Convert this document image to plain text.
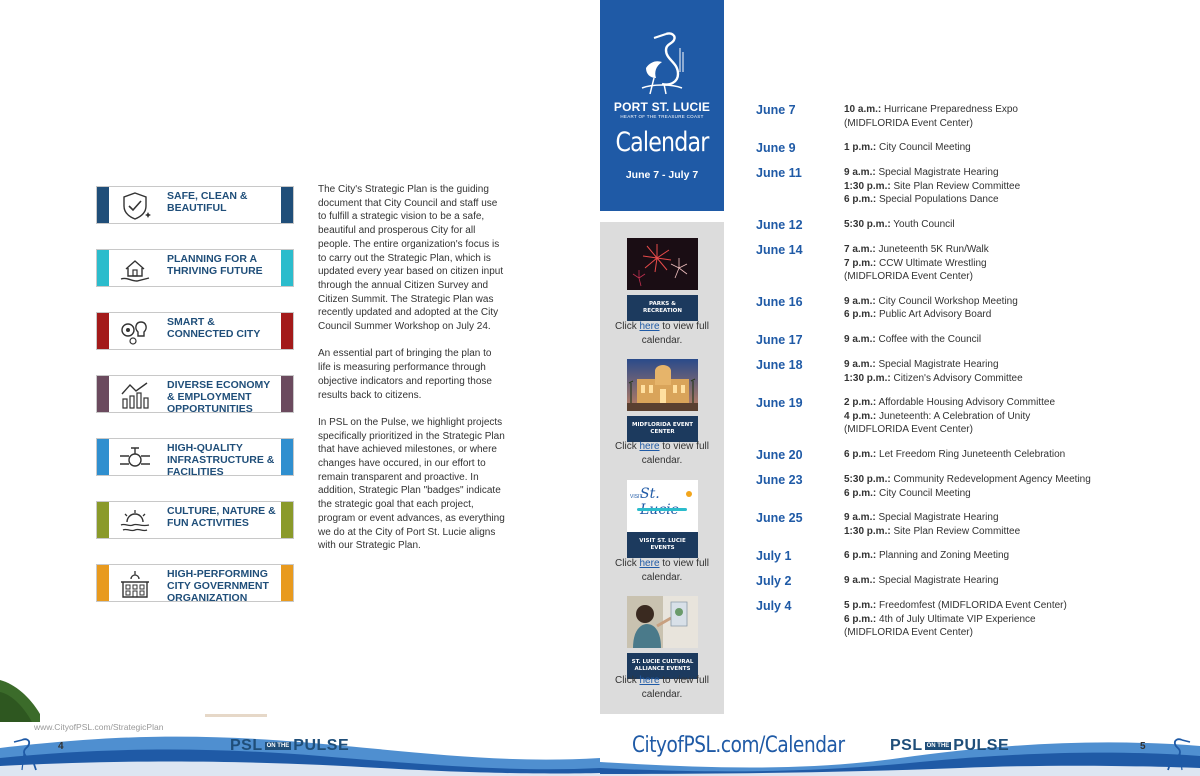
SAFE, CLEAN & BEAUTIFUL
PLANNING FOR A THRIVING FUTURE
SMART & CONNECTED CITY
DIVERSE ECONOMY & EMPLOYMENT OPPORTUNITIES
HIGH-QUALITY INFRASTRUCTURE & FACILITIES
CULTURE, NATURE & FUN ACTIVITIES
HIGH-PERFORMING CITY GOVERNMENT ORGANIZATION

The City's Strategic Plan is the guiding document that City Council and staff use to fulfill a strategic vision to be a safe, beautiful and prosperous City for all people. The entire organization's focus is to carry out the Strategic Plan, which is updated every year based on citizen input through the annual Citizen Survey and Citizen Summit. The Strategic Plan was recently updated and adopted at the City Council Summer Workshop on July 24.

An essential part of bringing the plan to life is measuring performance through objective indicators and reporting those results back to citizens.

In PSL on the Pulse, we highlight projects specifically prioritized in the Strategic Plan that have achieved milestones, or where changes have occured, in our effort to remain transparent and proactive. In addition, Strategic Plan "badges" indicate the strategic goal that each project, program or event advances, as everything we do at the City of Port St. Lucie aligns with our Strategic Plan.

www.CityofPSL.com/StrategicPlan
4	PSL ON THE PULSE
PORT ST. LUCIE
HEART OF THE TREASURE COAST
Calendar
June 7 - July 7
PARKS & RECREATION
Click here to view full calendar.
MIDFLORIDA EVENT CENTER
Click here to view full calendar.
VISIT
St.
VISIT ST. LUCIE EVENTS
Click here to view full calendar.
ST. LUCIE CULTURAL ALLIANCE EVENTS
Click here to view full calendar.
June 7	10 a.m.: Hurricane Preparedness Expo
(MIDFLORIDA Event Center)
June 9	1 p.m.: City Council Meeting
June 11	9 a.m.: Special Magistrate Hearing
1:30 p.m.: Site Plan Review Committee
6 p.m.: Special Populations Dance
June 12	5:30 p.m.: Youth Council
June 14	7 a.m.: Juneteenth 5K Run/Walk
7 p.m.: CCW Ultimate Wrestling
(MIDFLORIDA Event Center)
June 16	9 a.m.: City Council Workshop Meeting
6 p.m.: Public Art Advisory Board
June 17	9 a.m.: Coffee with the Council
June 18	9 a.m.: Special Magistrate Hearing
1:30 p.m.: Citizen's Advisory Committee
June 19	2 p.m.: Affordable Housing Advisory Committee
4 p.m.: Juneteenth: A Celebration of Unity
(MIDFLORIDA Event Center)
June 20	6 p.m.: Let Freedom Ring Juneteenth Celebration
June 23	5:30 p.m.: Community Redevelopment Agency Meeting
6 p.m.: City Council Meeting
June 25	9 a.m.: Special Magistrate Hearing
1:30 p.m.: Site Plan Review Committee
July 1	6 p.m.: Planning and Zoning Meeting
July 2	9 a.m.: Special Magistrate Hearing
July 4	5 p.m.: Freedomfest (MIDFLORIDA Event Center)
6 p.m.: 4th of July Ultimate VIP Experience
(MIDFLORIDA Event Center)
CityofPSL.com/Calendar	PSL ON THE PULSE	5
